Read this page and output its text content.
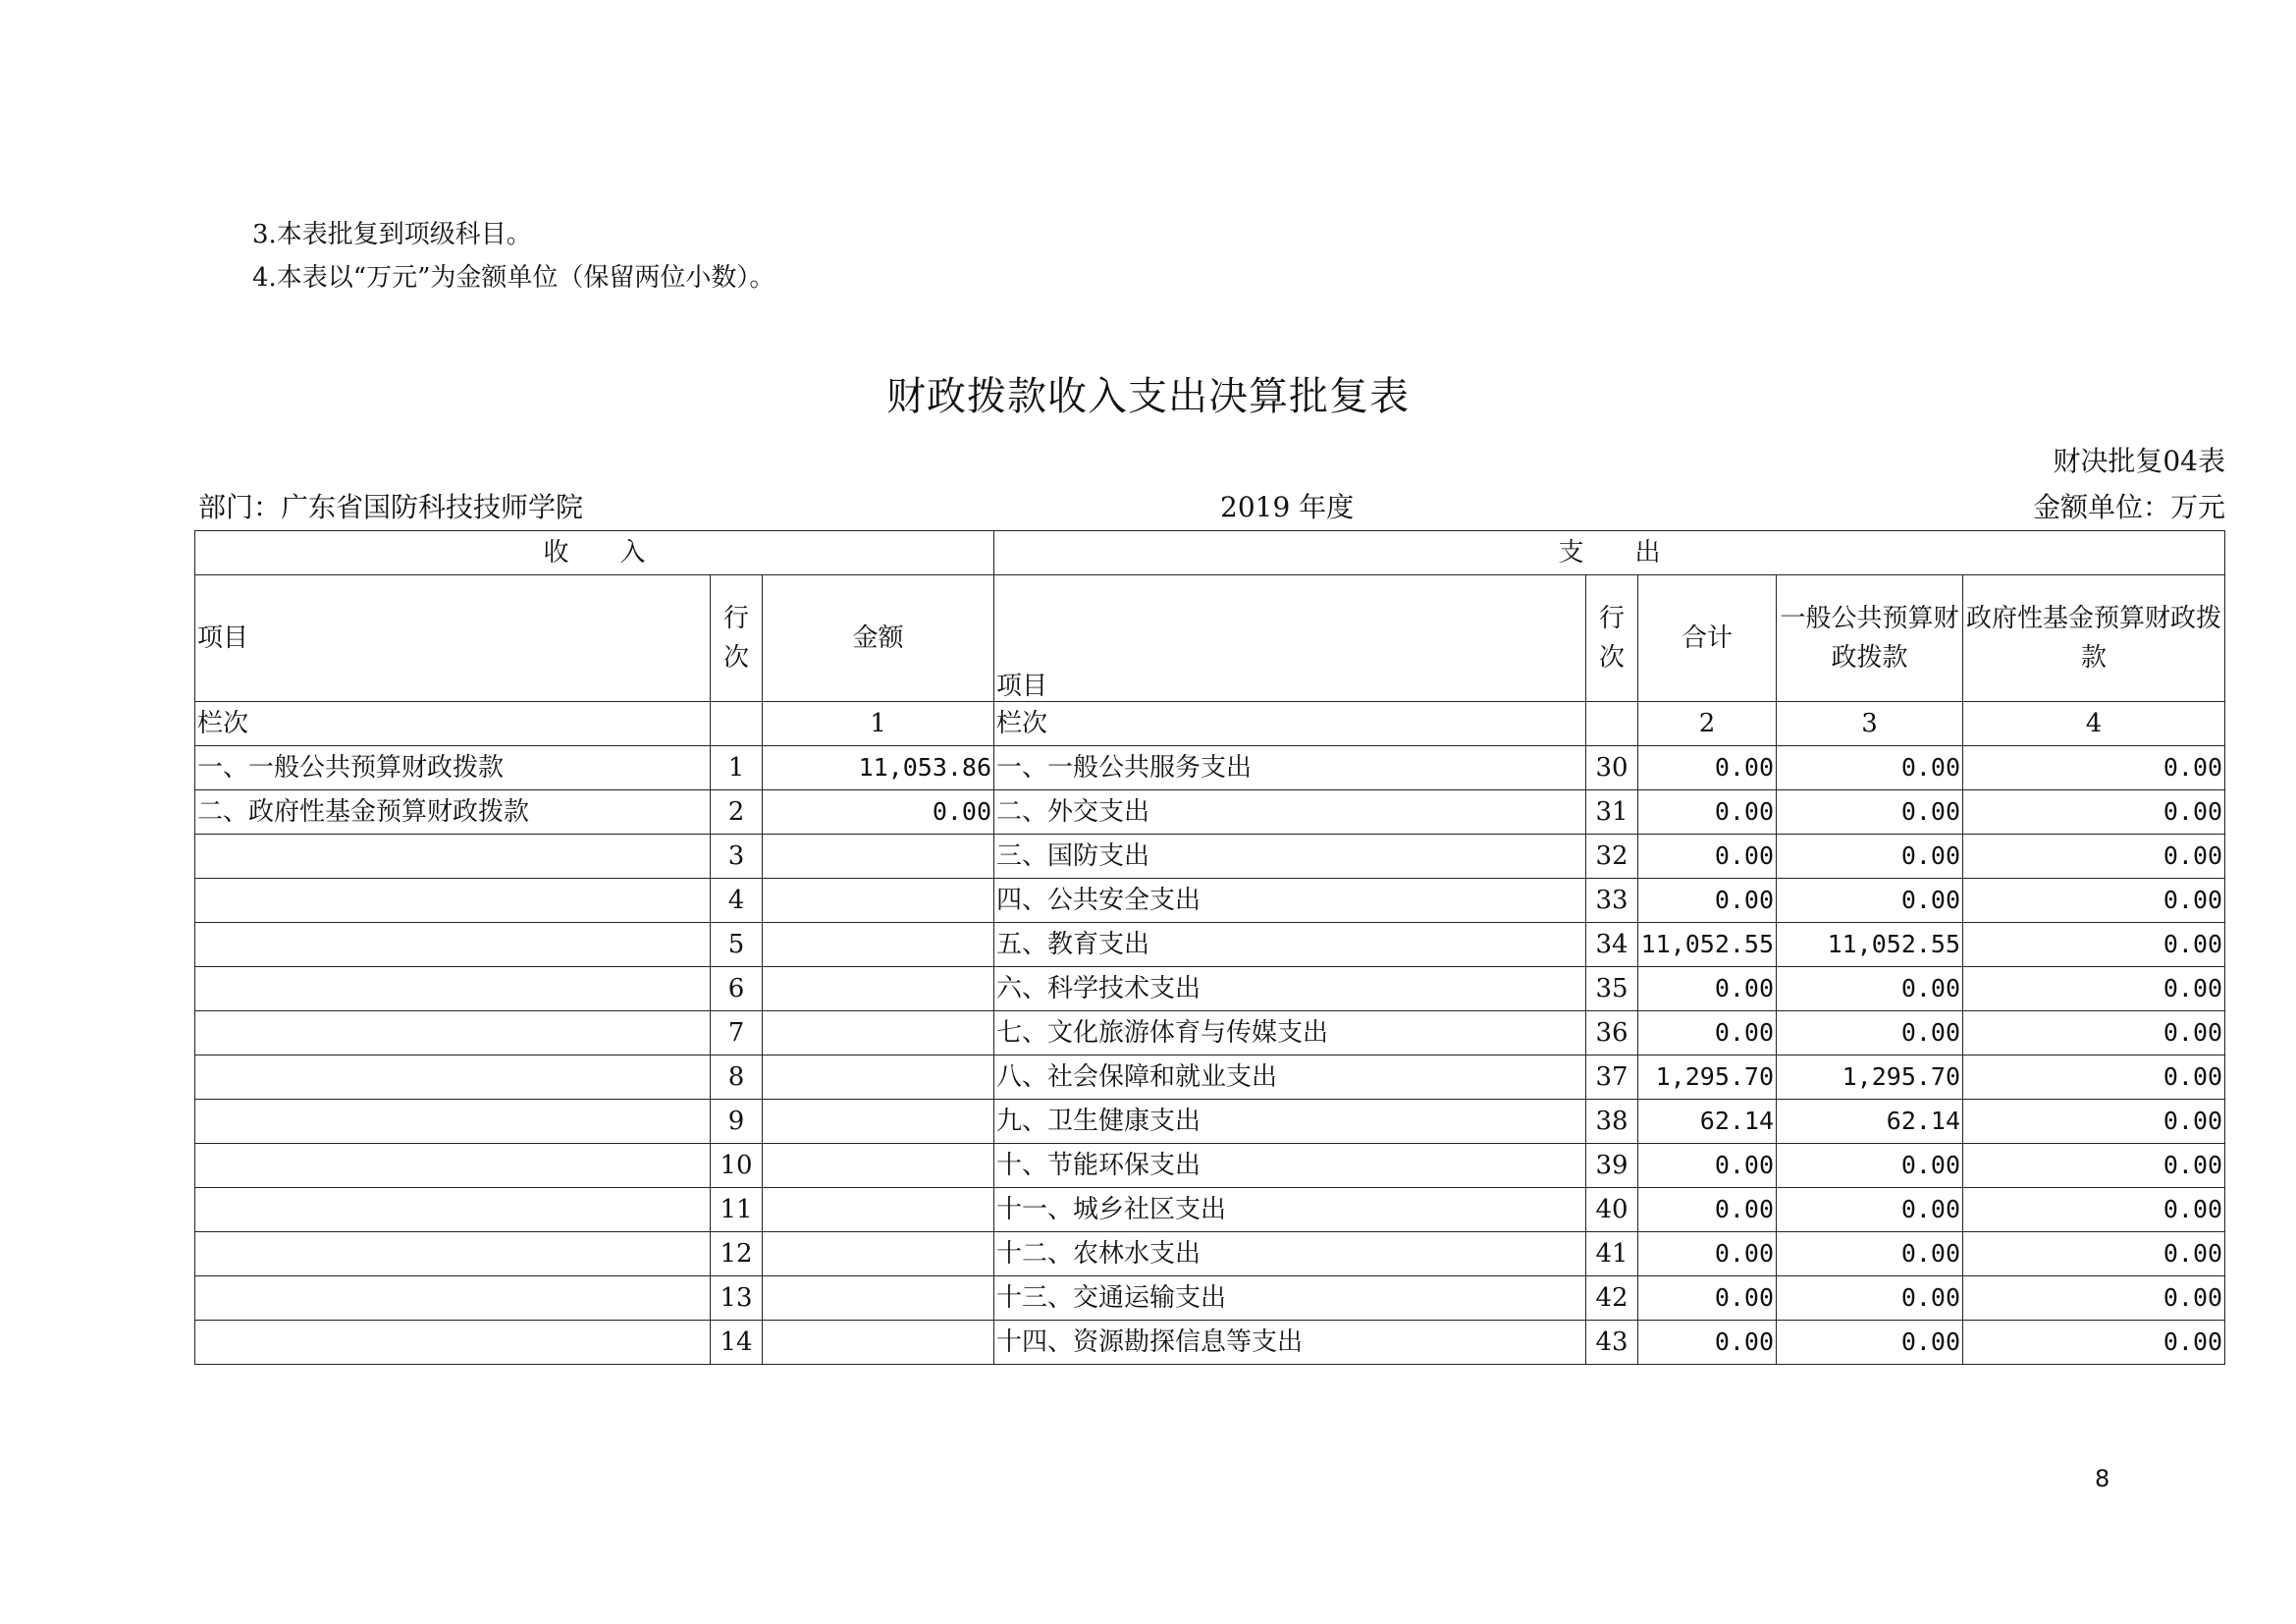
3.本表批复到项级科目。
4.本表以“万元”为金额单位（保留两位小数）。
财政拨款收入支出决算批复表
财决批复04表
部门：广东省国防科技技师学院	2019 年度	金额单位：万元
收　　入			支　　出				
项目	行次	金额	项目	行次	合计	一般公共预算财政拨款	政府性基金预算财政拨款
栏次		1	栏次		2	3	4
一、一般公共预算财政拨款	1	11,053.86	一、一般公共服务支出	30	0.00	0.00	0.00
二、政府性基金预算财政拨款	2	0.00	二、外交支出	31	0.00	0.00	0.00
	3		三、国防支出	32	0.00	0.00	0.00
	4		四、公共安全支出	33	0.00	0.00	0.00
	5		五、教育支出	34	11,052.55	11,052.55	0.00
	6		六、科学技术支出	35	0.00	0.00	0.00
	7		七、文化旅游体育与传媒支出	36	0.00	0.00	0.00
	8		八、社会保障和就业支出	37	1,295.70	1,295.70	0.00
	9		九、卫生健康支出	38	62.14	62.14	0.00
	10		十、节能环保支出	39	0.00	0.00	0.00
	11		十一、城乡社区支出	40	0.00	0.00	0.00
	12		十二、农林水支出	41	0.00	0.00	0.00
	13		十三、交通运输支出	42	0.00	0.00	0.00
	14		十四、资源勘探信息等支出	43	0.00	0.00	0.00
8
